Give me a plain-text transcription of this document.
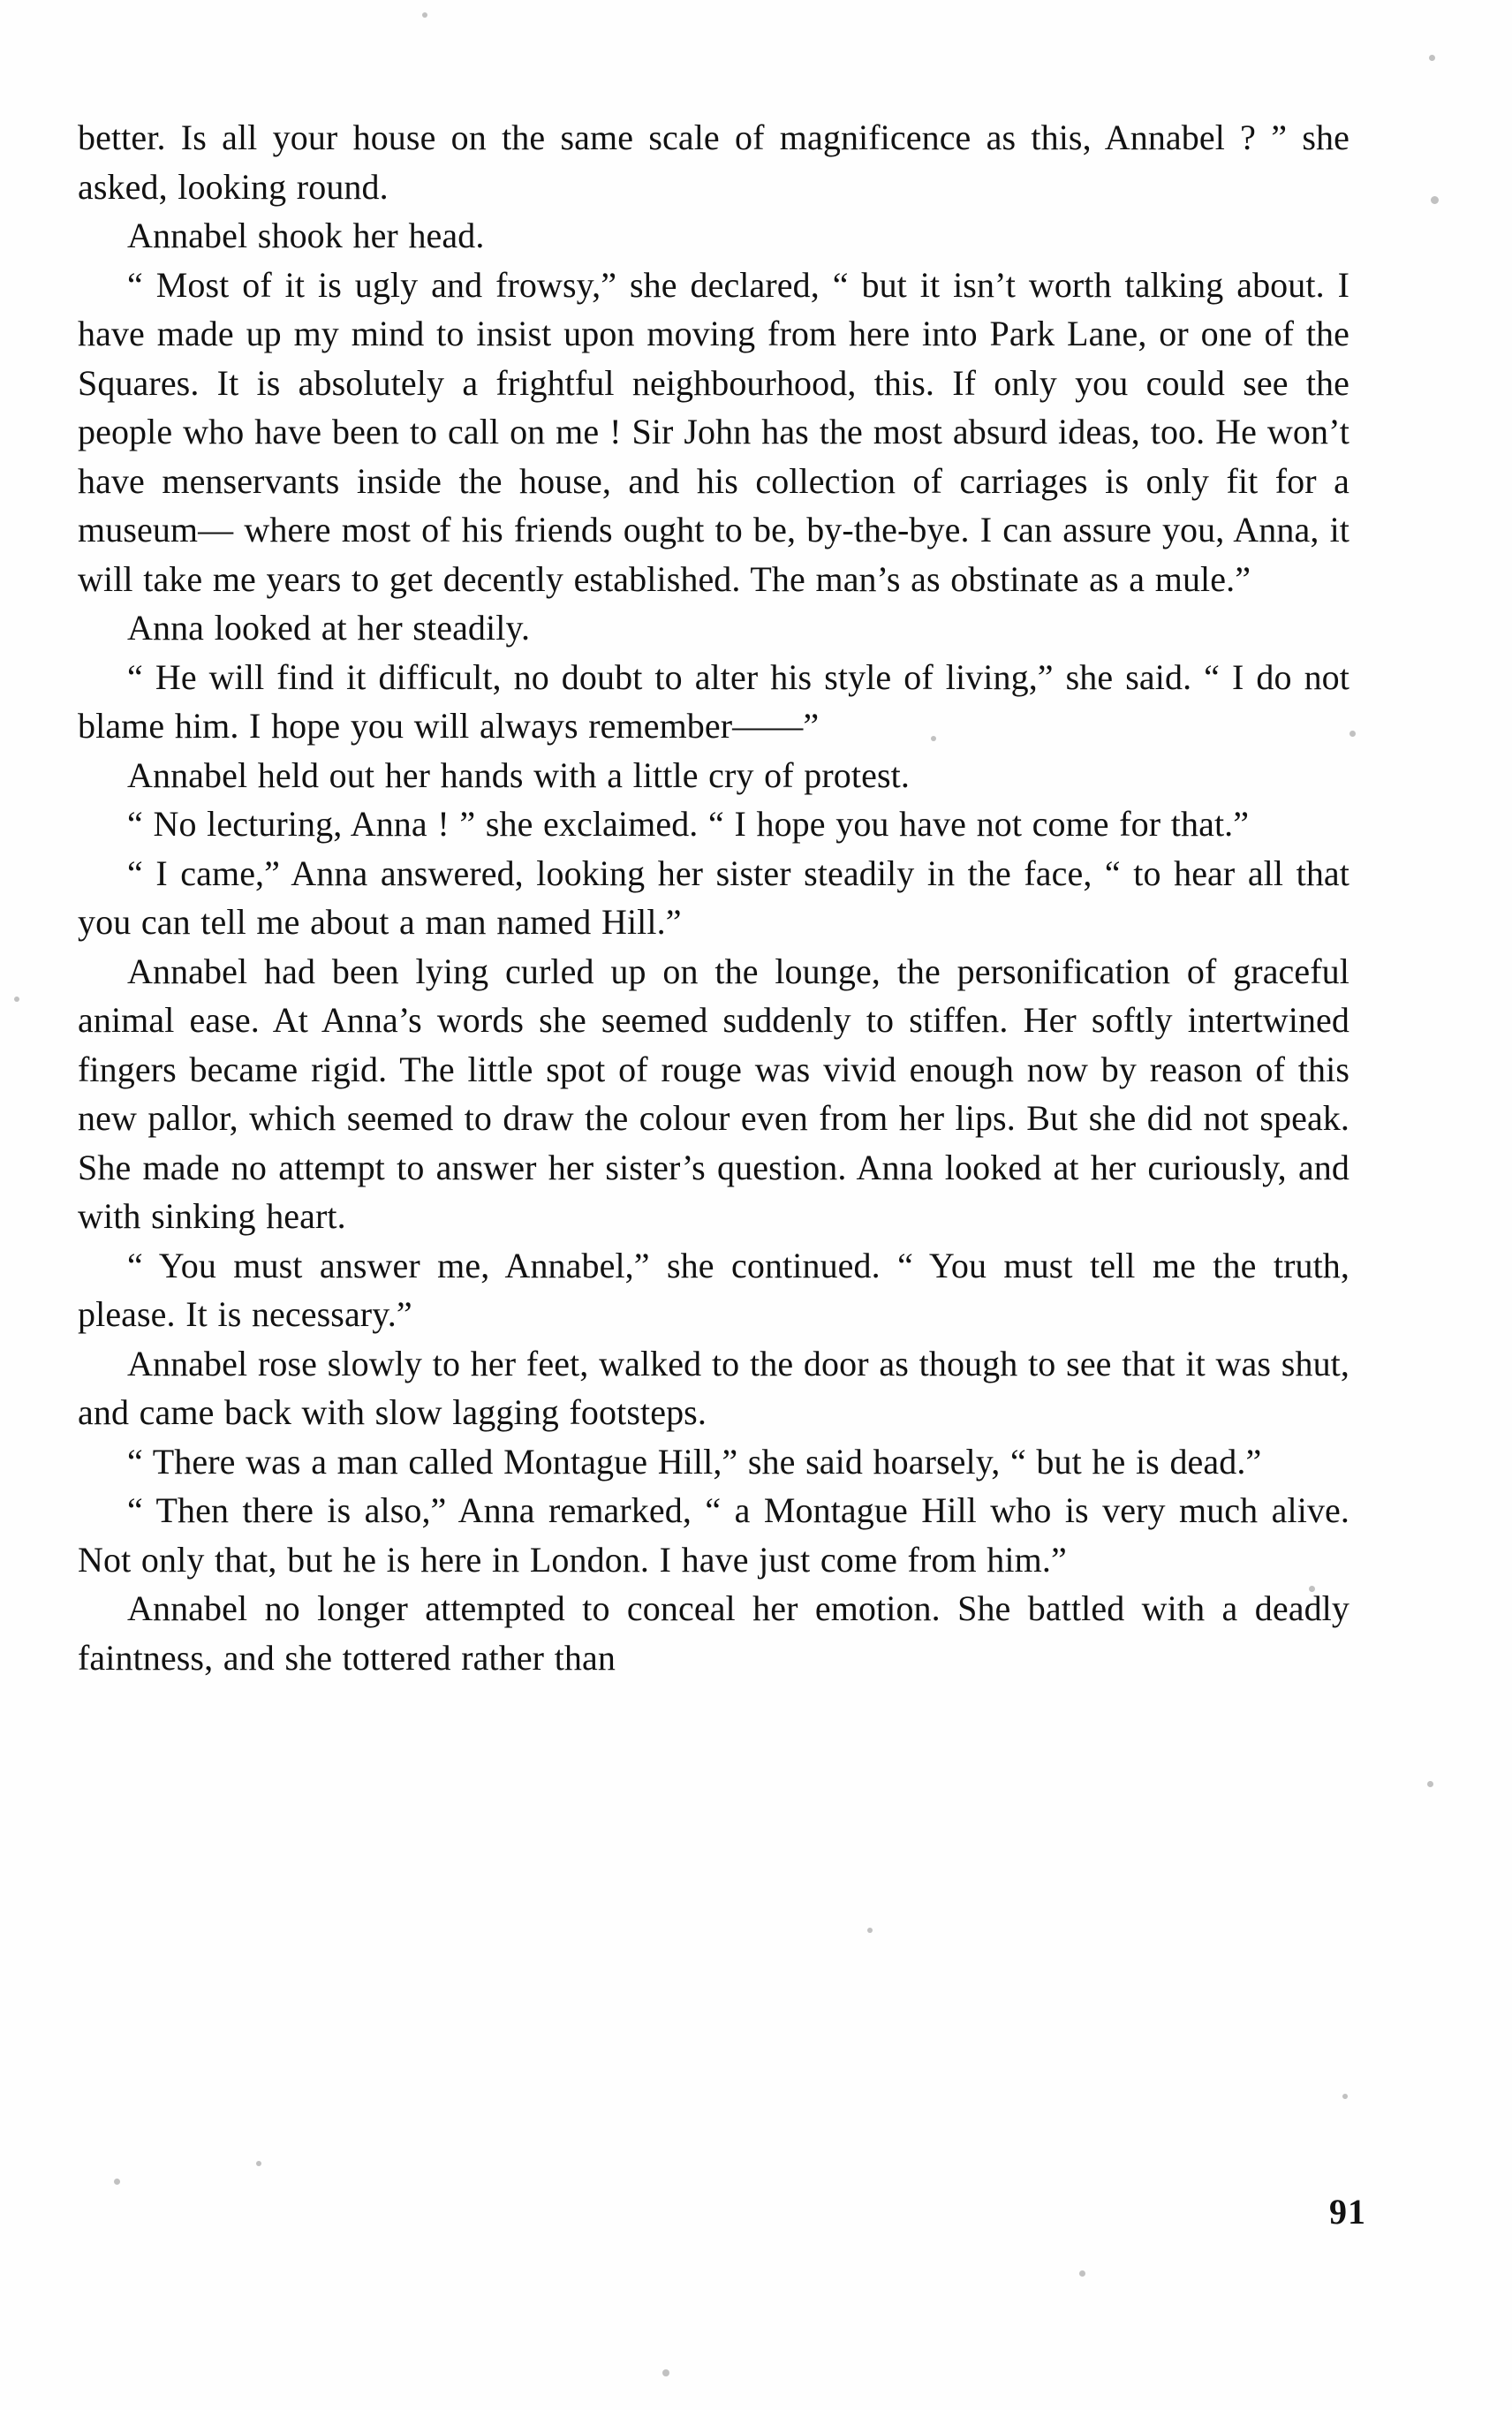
better. Is all your house on the same scale of magnificence as this, Annabel ? ” she asked, looking round.

Annabel shook her head.

“ Most of it is ugly and frowsy,” she declared, “ but it isn’t worth talking about. I have made up my mind to insist upon moving from here into Park Lane, or one of the Squares. It is absolutely a frightful neighbourhood, this. If only you could see the people who have been to call on me ! Sir John has the most absurd ideas, too. He won’t have menservants inside the house, and his collection of carriages is only fit for a museum— where most of his friends ought to be, by-the-bye. I can assure you, Anna, it will take me years to get decently established. The man’s as obstinate as a mule.”

Anna looked at her steadily.

“ He will find it difficult, no doubt to alter his style of living,” she said. “ I do not blame him. I hope you will always remember——”

Annabel held out her hands with a little cry of protest.

“ No lecturing, Anna ! ” she exclaimed. “ I hope you have not come for that.”

“ I came,” Anna answered, looking her sister steadily in the face, “ to hear all that you can tell me about a man named Hill.”

Annabel had been lying curled up on the lounge, the personification of graceful animal ease. At Anna’s words she seemed suddenly to stiffen. Her softly intertwined fingers became rigid. The little spot of rouge was vivid enough now by reason of this new pallor, which seemed to draw the colour even from her lips. But she did not speak. She made no attempt to answer her sister’s question. Anna looked at her curiously, and with sinking heart.

“ You must answer me, Annabel,” she continued. “ You must tell me the truth, please. It is necessary.”

Annabel rose slowly to her feet, walked to the door as though to see that it was shut, and came back with slow lagging footsteps.

“ There was a man called Montague Hill,” she said hoarsely, “ but he is dead.”

“ Then there is also,” Anna remarked, “ a Montague Hill who is very much alive. Not only that, but he is here in London. I have just come from him.”

Annabel no longer attempted to conceal her emotion. She battled with a deadly faintness, and she tottered rather than

91
